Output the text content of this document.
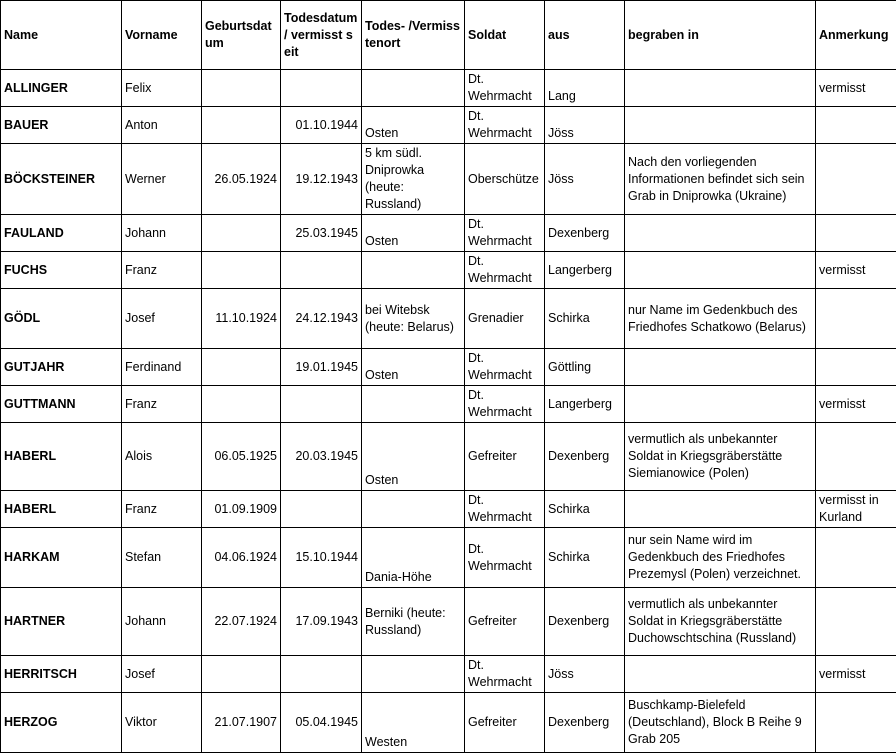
Name	Vorname	Geburtsdatum	Todesdatum / vermisst seit	Todes- /Vermisstenort	Soldat	aus	begraben in	Anmerkung
ALLINGER	Felix				Dt. Wehrmacht	Lang		vermisst
BAUER	Anton		01.10.1944	Osten	Dt. Wehrmacht	Jöss		
BÖCKSTEINER	Werner	26.05.1924	19.12.1943	5 km südl. Dniprowka (heute: Russland)	Oberschütze	Jöss	Nach den vorliegenden Informationen befindet sich sein Grab in Dniprowka (Ukraine)	
FAULAND	Johann		25.03.1945	Osten	Dt. Wehrmacht	Dexenberg		
FUCHS	Franz				Dt. Wehrmacht	Langerberg		vermisst
GÖDL	Josef	11.10.1924	24.12.1943	bei Witebsk (heute: Belarus)	Grenadier	Schirka	nur Name im Gedenkbuch des Friedhofes Schatkowo (Belarus)	
GUTJAHR	Ferdinand		19.01.1945	Osten	Dt. Wehrmacht	Göttling		
GUTTMANN	Franz				Dt. Wehrmacht	Langerberg		vermisst
HABERL	Alois	06.05.1925	20.03.1945	Osten	Gefreiter	Dexenberg	vermutlich als unbekannter Soldat in Kriegsgräberstätte Siemianowice (Polen)	
HABERL	Franz	01.09.1909			Dt. Wehrmacht	Schirka		vermisst in Kurland
HARKAM	Stefan	04.06.1924	15.10.1944	Dania-Höhe	Dt. Wehrmacht	Schirka	nur sein Name wird im Gedenkbuch des Friedhofes Prezemysl (Polen) verzeichnet.	
HARTNER	Johann	22.07.1924	17.09.1943	Berniki (heute: Russland)	Gefreiter	Dexenberg	vermutlich als unbekannter Soldat in Kriegsgräberstätte Duchowschtschina (Russland)	
HERRITSCH	Josef				Dt. Wehrmacht	Jöss		vermisst
HERZOG	Viktor	21.07.1907	05.04.1945	Westen	Gefreiter	Dexenberg	Buschkamp-Bielefeld (Deutschland), Block B Reihe 9 Grab 205	
